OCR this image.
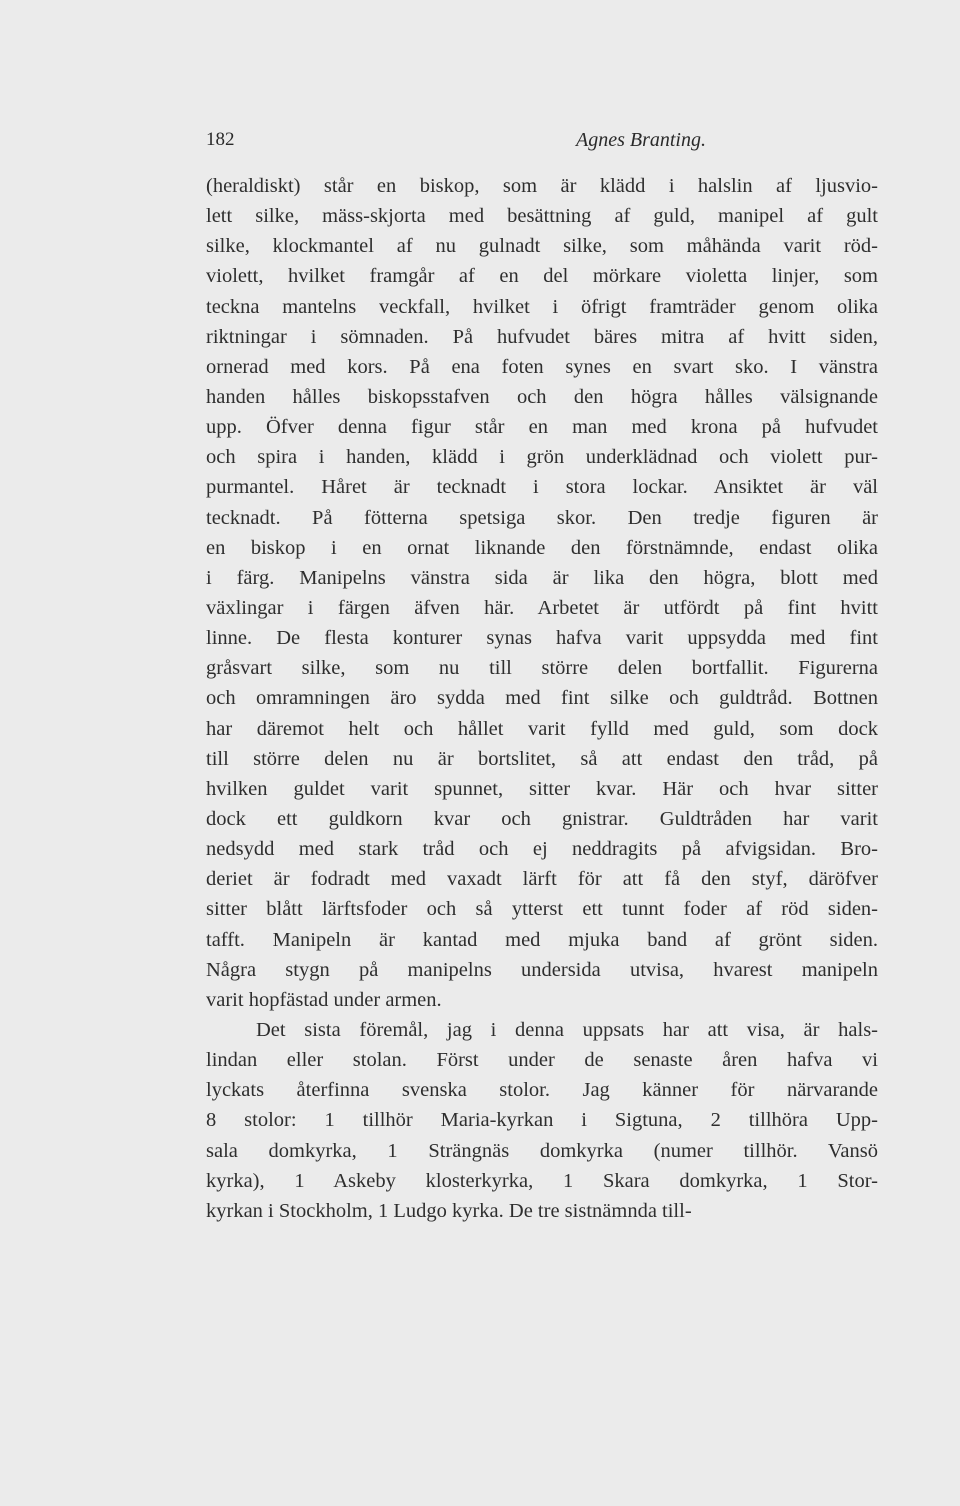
182	Agnes Branting.
(heraldiskt) står en biskop, som är klädd i halslin af ljusvio-
lett silke, mäss-skjorta med besättning af guld, manipel af gult
silke, klockmantel af nu gulnadt silke, som måhända varit röd-
violett, hvilket framgår af en del mörkare violetta linjer, som
teckna mantelns veckfall, hvilket i öfrigt framträder genom olika
riktningar i sömnaden. På hufvudet bäres mitra af hvitt siden,
ornerad med kors. På ena foten synes en svart sko. I vänstra
handen hålles biskopsstafven och den högra hålles välsignande
upp. Öfver denna figur står en man med krona på hufvudet
och spira i handen, klädd i grön underklädnad och violett pur-
purmantel. Håret är tecknadt i stora lockar. Ansiktet är väl
tecknadt. På fötterna spetsiga skor. Den tredje figuren är
en biskop i en ornat liknande den förstnämnde, endast olika
i färg. Manipelns vänstra sida är lika den högra, blott med
växlingar i färgen äfven här. Arbetet är utfördt på fint hvitt
linne. De flesta konturer synas hafva varit uppsydda med fint
gråsvart silke, som nu till större delen bortfallit. Figurerna
och omramningen äro sydda med fint silke och guldtråd. Bottnen
har däremot helt och hållet varit fylld med guld, som dock
till större delen nu är bortslitet, så att endast den tråd, på
hvilken guldet varit spunnet, sitter kvar. Här och hvar sitter
dock ett guldkorn kvar och gnistrar. Guldtråden har varit
nedsydd med stark tråd och ej neddragits på afvigsidan. Bro-
deriet är fodradt med vaxadt lärft för att få den styf, däröfver
sitter blått lärftsfoder och så ytterst ett tunnt foder af röd siden-
tafft. Manipeln är kantad med mjuka band af grönt siden.
Några stygn på manipelns undersida utvisa, hvarest manipeln
varit hopfästad under armen.
Det sista föremål, jag i denna uppsats har att visa, är hals-
lindan eller stolan. Först under de senaste åren hafva vi
lyckats återfinna svenska stolor. Jag känner för närvarande
8 stolor: 1 tillhör Maria-kyrkan i Sigtuna, 2 tillhöra Upp-
sala domkyrka, 1 Strängnäs domkyrka (numer tillhör. Vansö
kyrka), 1 Askeby klosterkyrka, 1 Skara domkyrka, 1 Stor-
kyrkan i Stockholm, 1 Ludgo kyrka. De tre sistnämnda till-
